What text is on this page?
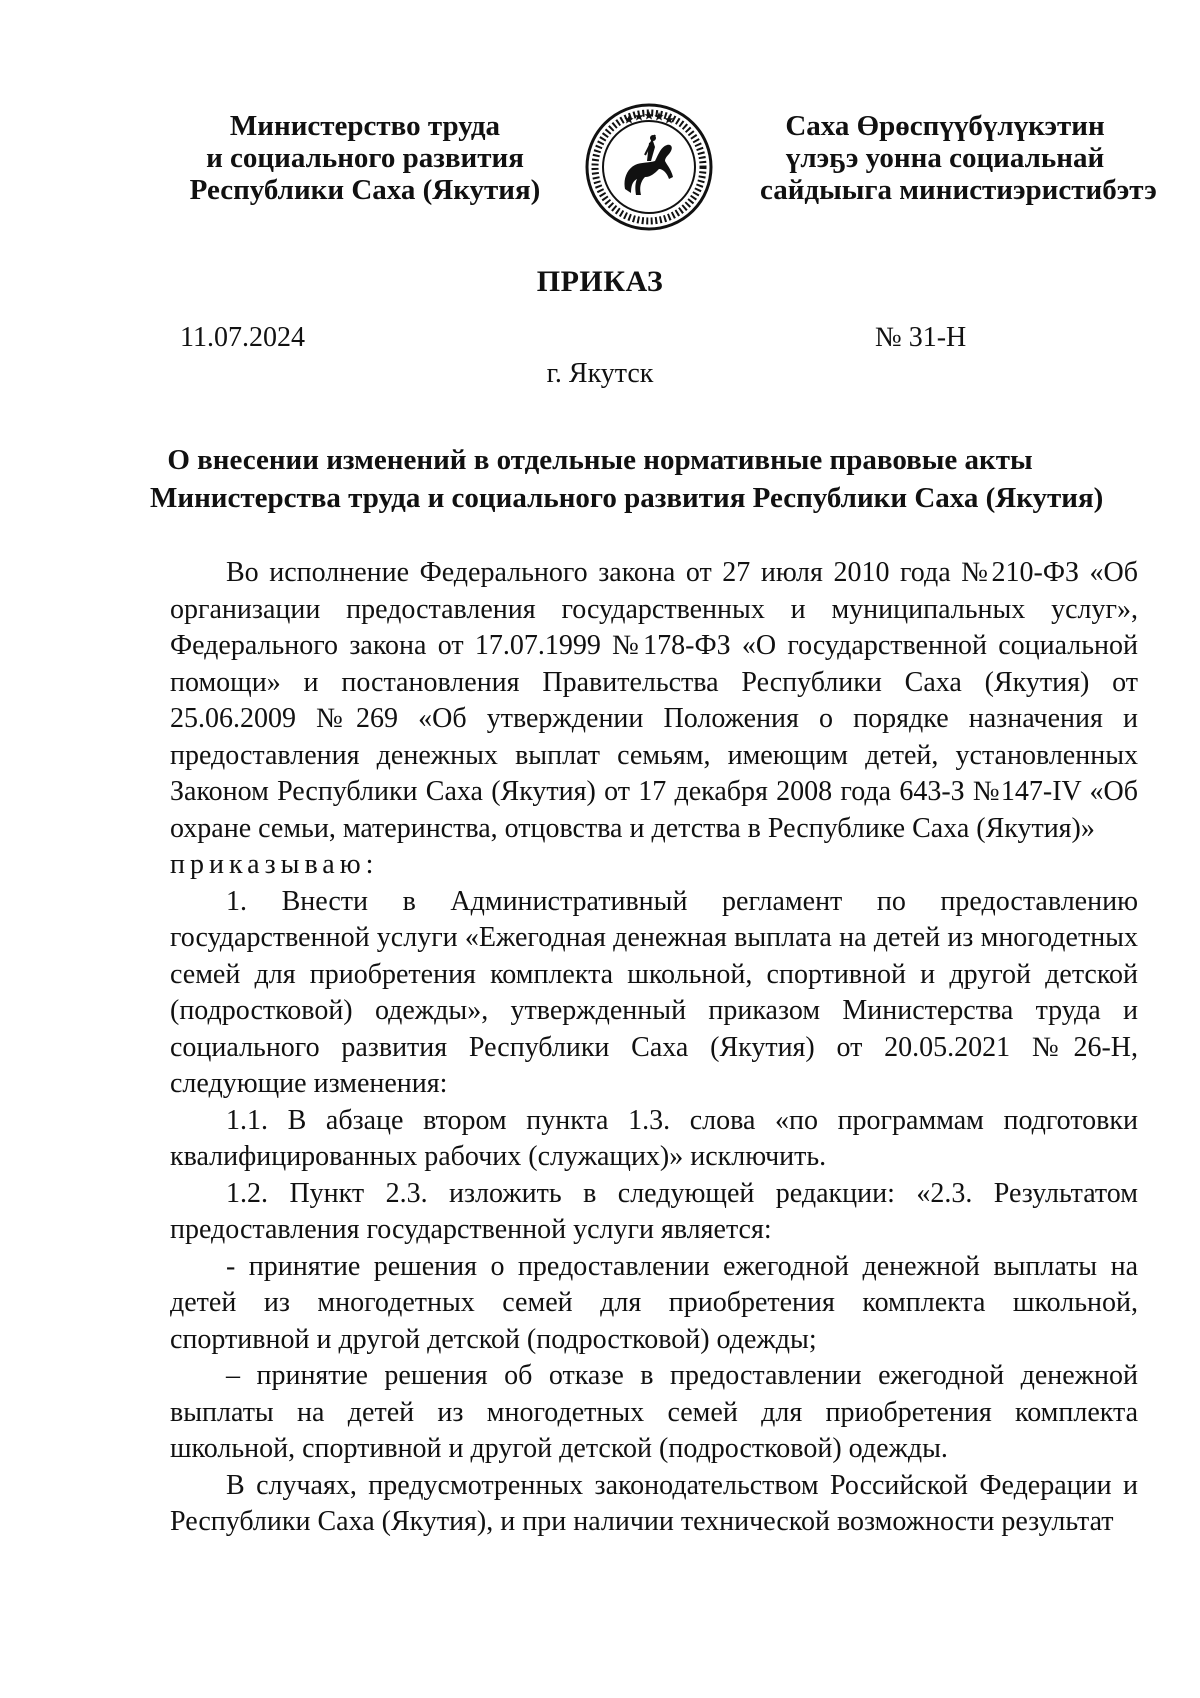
Министерство труда
и социального развития
Республики Саха (Якутия)
Саха Өрөспүүбүлүкэтин
үлэҕэ уонна социальнай
сайдыыга министиэристибэтэ
ПРИКАЗ
11.07.2024	№ 31-Н
г. Якутск
О внесении изменений в отдельные нормативные правовые акты
Министерства труда и социального развития Республики Саха (Якутия)

Во исполнение Федерального закона от 27 июля 2010 года №210-ФЗ «Об организации предоставления государственных и муниципальных услуг», Федерального закона от 17.07.1999 №178-ФЗ «О государственной социальной помощи» и постановления Правительства Республики Саха (Якутия) от 25.06.2009 №269 «Об утверждении Положения о порядке назначения и предоставления денежных выплат семьям, имеющим детей, установленных Законом Республики Саха (Якутия) от 17 декабря 2008 года 643-З №147-IV «Об охране семьи, материнства, отцовства и детства в Республике Саха (Якутия)»

приказываю:

1. Внести в Административный регламент по предоставлению государственной услуги «Ежегодная денежная выплата на детей из многодетных семей для приобретения комплекта школьной, спортивной и другой детской (подростковой) одежды», утвержденный приказом Министерства труда и социального развития Республики Саха (Якутия) от 20.05.2021 №26-Н, следующие изменения:

1.1. В абзаце втором пункта 1.3. слова «по программам подготовки квалифицированных рабочих (служащих)» исключить.

1.2. Пункт 2.3. изложить в следующей редакции: «2.3. Результатом предоставления государственной услуги является:

- принятие решения о предоставлении ежегодной денежной выплаты на детей из многодетных семей для приобретения комплекта школьной, спортивной и другой детской (подростковой) одежды;

– принятие решения об отказе в предоставлении ежегодной денежной выплаты на детей из многодетных семей для приобретения комплекта школьной, спортивной и другой детской (подростковой) одежды.

В случаях, предусмотренных законодательством Российской Федерации и Республики Саха (Якутия), и при наличии технической возможности результат
